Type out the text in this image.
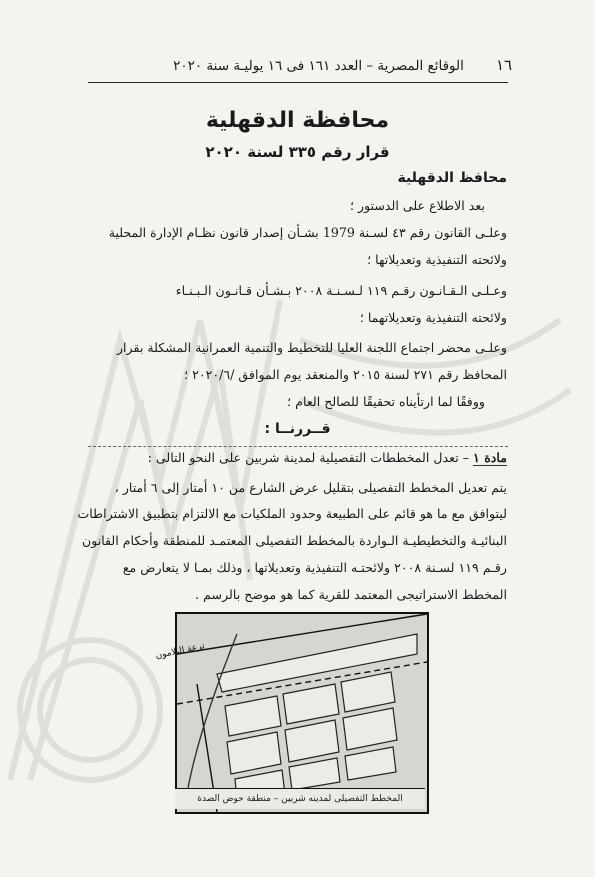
١٦
الوقائع المصرية – العدد ١٦١ فى ١٦ يوليـة سنة ٢٠٢٠
محافظة الدقهلية
قرار رقم ٣٣٥ لسنة ٢٠٢٠
محافظ الدقهلية
بعد الاطلاع على الدستور ؛
وعلـى القانون رقم ٤٣ لسـنة 1979 بشـأن إصدار قانون نظـام الإدارة المحلية
ولائحته التنفيذية وتعديلاتها ؛
وعـلـى الـقـانـون رقـم ١١٩ لـسـنـة ٢٠٠٨ بـشـأن قـانـون الـبـنـاء
ولائحته التنفيذية وتعديلاتهما ؛
وعلـى محضر اجتماع اللجنة العليا للتخطيط والتنمية العمرانية المشكلة بقرار
المحافظ رقم ٢٧١ لسنة ٢٠١٥ والمنعقد يوم الموافق /٢٠٢٠/٦ ؛
ووفقًا لما ارتأيناه تحقيقًا للصالح العام ؛
قــررنــا :
مادة ١ – تعدل المخططات التفصيلية لمدينة شربين على النحو التالى :
يتم تعديل المخطط التفصيلى بتقليل عرض الشارع من ١٠ أمتار إلى ٦ أمتار ،
ليتوافق مع ما هو قائم على الطبيعة وحدود الملكيات مع الالتزام بتطبيق الاشتراطات
البنائيـة والتخطيطيـة الـواردة بالمخطط التفصيلى المعتمـد للمنطقة وأحكام القانون
رقـم ١١٩ لسـنة ٢٠٠٨ ولائحتـه التنفيذية وتعديلاتها ، وذلك بمـا لا يتعارض مع
المخطط الاستراتيجى المعتمد للقرية كما هو موضح بالرسم .
ترعة البلامون
المخطط التفصيلى لمدينه شربين – منطقة حوض الصدة
